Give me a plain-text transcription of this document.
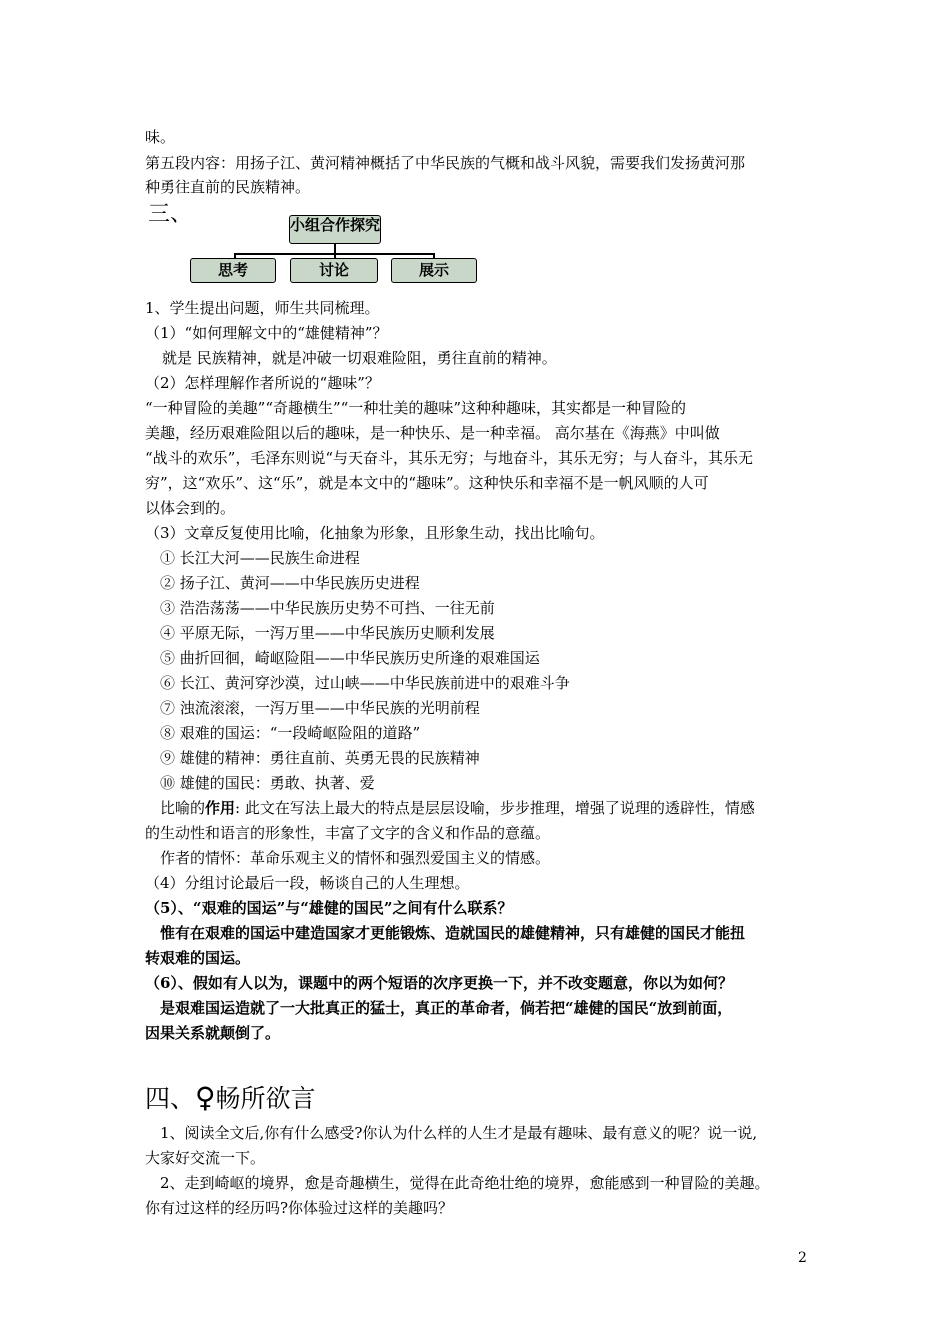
味。
第五段内容：用扬子江、黄河精神概括了中华民族的气概和战斗风貌，需要我们发扬黄河那
种勇往直前的民族精神。
三、	小组合作探究
思考	讨论	展示
1、学生提出问题，师生共同梳理。
（1）“如何理解文中的“雄健精神”？
就是 民族精神，就是冲破一切艰难险阻，勇往直前的精神。
（2）怎样理解作者所说的“趣味”？
“一种冒险的美趣”“奇趣横生”“一种壮美的趣味”这种种趣味，其实都是一种冒险的
美趣，经历艰难险阻以后的趣味，是一种快乐、是一种幸福。 高尔基在《海燕》中叫做
“战斗的欢乐”，毛泽东则说“与天奋斗，其乐无穷；与地奋斗，其乐无穷；与人奋斗，其乐无
穷”，这“欢乐”、这“乐”，就是本文中的“趣味”。这种快乐和幸福不是一帆风顺的人可
以体会到的。
（3）文章反复使用比喻，化抽象为形象，且形象生动，找出比喻句。
① 长江大河——民族生命进程
② 扬子江、黄河——中华民族历史进程
③ 浩浩荡荡——中华民族历史势不可挡、一往无前
④ 平原无际，一泻万里——中华民族历史顺利发展
⑤ 曲折回徊，崎岖险阻——中华民族历史所逢的艰难国运
⑥ 长江、黄河穿沙漠，过山峡——中华民族前进中的艰难斗争
⑦ 浊流滚滚，一泻万里——中华民族的光明前程
⑧ 艰难的国运：“一段崎岖险阻的道路”
⑨ 雄健的精神：勇往直前、英勇无畏的民族精神
⑩ 雄健的国民：勇敢、执著、爱
比喻的作用: 此文在写法上最大的特点是层层设喻，步步推理，增强了说理的透辟性，情感
的生动性和语言的形象性，丰富了文字的含义和作品的意蕴。
作者的情怀：革命乐观主义的情怀和强烈爱国主义的情感。
（4）分组讨论最后一段，畅谈自己的人生理想。
（5）、“艰难的国运”与“雄健的国民”之间有什么联系？
惟有在艰难的国运中建造国家才更能锻炼、造就国民的雄健精神，只有雄健的国民才能扭
转艰难的国运。
（6）、假如有人以为，课题中的两个短语的次序更换一下，并不改变题意，你以为如何？
是艰难国运造就了一大批真正的猛士，真正的革命者，倘若把“雄健的国民“放到前面，
因果关系就颠倒了。
四、♀畅所欲言
1、阅读全文后,你有什么感受?你认为什么样的人生才是最有趣味、最有意义的呢？说一说,
大家好交流一下。
2、走到崎岖的境界，愈是奇趣横生，觉得在此奇绝壮绝的境界，愈能感到一种冒险的美趣。
你有过这样的经历吗?你体验过这样的美趣吗？
2
